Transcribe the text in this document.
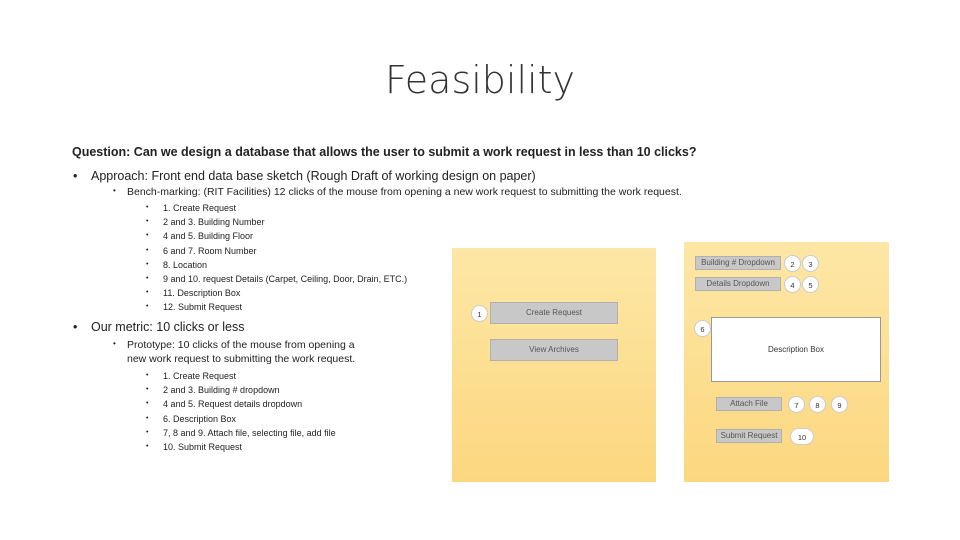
Feasibility
Question: Can we design a database that allows the user to submit a work request in less than 10 clicks?
• Approach: Front end data base sketch (Rough Draft of working design on paper)
• Bench-marking: (RIT Facilities) 12 clicks of the mouse from opening a new work request to submitting the work request.
• 1. Create Request
• 2 and 3. Building Number
• 4 and 5. Building Floor
• 6 and 7. Room Number
• 8. Location
• 9 and 10. request Details (Carpet, Ceiling, Door, Drain, ETC.)
• 11. Description Box
• 12. Submit Request
• Our metric: 10 clicks or less
• Prototype: 10 clicks of the mouse from opening a
new work request to submitting the work request.
• 1. Create Request
• 2 and 3. Building # dropdown
• 4 and 5. Request details dropdown
• 6. Description Box
• 7, 8 and 9. Attach file, selecting file, add file
• 10. Submit Request
1	Create Request
View Archives
Building # Dropdown	2	3
Details Dropdown	4	5
6
Description Box
Attach File	7	8	9
Submit Request	10
